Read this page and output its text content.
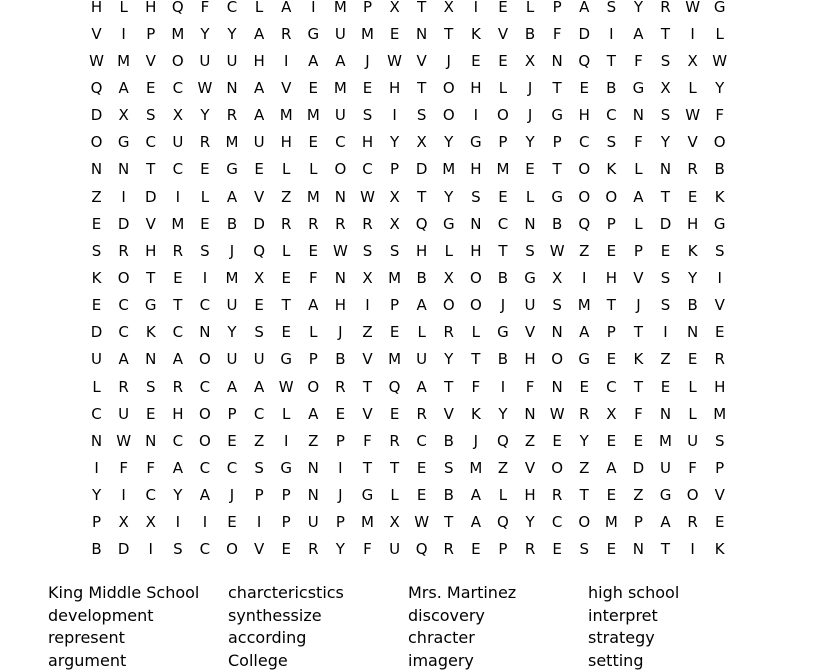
H	L	H	Q	F	C	L	A	I	M	P	X	T	X	I	E	L	P	A	S	Y	R W G
V	I	P	M	Y	Y	A	R	G	U	M	E	N	T	K	V	B	F	D	I	A	T	I	L
W M	V	O	U	U	H	I	A	A	J	W V	J	E	E	X	N	Q	T	F	S	X W
Q	A	E	C W N	A	V	E	M	E	H	T	O	H	L	J	T	E	B	G	X	L	Y
D	X	S	X	Y	R	A	M M	U	S	I	S	O	I	O	J	G	H	C	N	S W	F
O	G	C	U	R	M	U	H	E	C	H	Y	X	Y	G	P	Y	P	C	S	F	Y	V	O
N	N	T	C	E	G	E	L	L	O	C	P	D M H M	E	T	O	K	L	N	R	B
Z	I	D	I	L	A	V	Z	M	N W X	T	Y	S	E	L	G	O	O	A	T	E	K
E	D	V	M	E	B	D	R	R	R	R	X	Q	G	N	C	N	B	Q	P	L	D	H	G
S	R	H	R	S	J	Q	L	E W S	S	H	L	H	T	S W Z	E	P	E	K	S
K	O	T	E	I	M	X	E	F	N	X	M	B	X	O	B	G	X	I	H	V	S	Y	I
E	C	G	T	C	U	E	T	A	H	I	P	A	O	O	J	U	S	M	T	J	S	B	V
D	C	K	C	N	Y	S	E	L	J	Z	E	L	R	L	G	V	N	A	P	T	I	N	E
U	A	N	A	O	U	U	G	P	B	V	M	U	Y	T	B	H	O	G	E	K	Z	E	R
L	R	S	R	C	A	A W O	R	T	Q	A	T	F	I	F	N	E	C	T	E	L	H
C	U	E	H	O	P	C	L	A	E	V	E	R	V	K	Y	N W R	X	F	N	L	M
N W N	C	O	E	Z	I	Z	P	F	R	C	B	J	Q	Z	E	Y	E	E	M	U	S
I	F	F	A	C	C	S	G	N	I	T	T	E	S	M	Z	V	O	Z	A	D	U	F	P
Y	I	C	Y	A	J	P	P	N	J	G	L	E	B	A	L	H	R	T	E	Z	G	O	V
P	X	X	I	I	E	I	P	U	P	M	X W	T	A	Q	Y	C	O M	P	A	R	E
B	D	I	S	C	O	V	E	R	Y	F	U	Q	R	E	P	R	E	S	E	N	T	I	K
King Middle School	charctericstics	Mrs. Martinez	high school
development	synthessize	discovery	interpret
represent	according	chracter	strategy
argument	College	imagery	setting
